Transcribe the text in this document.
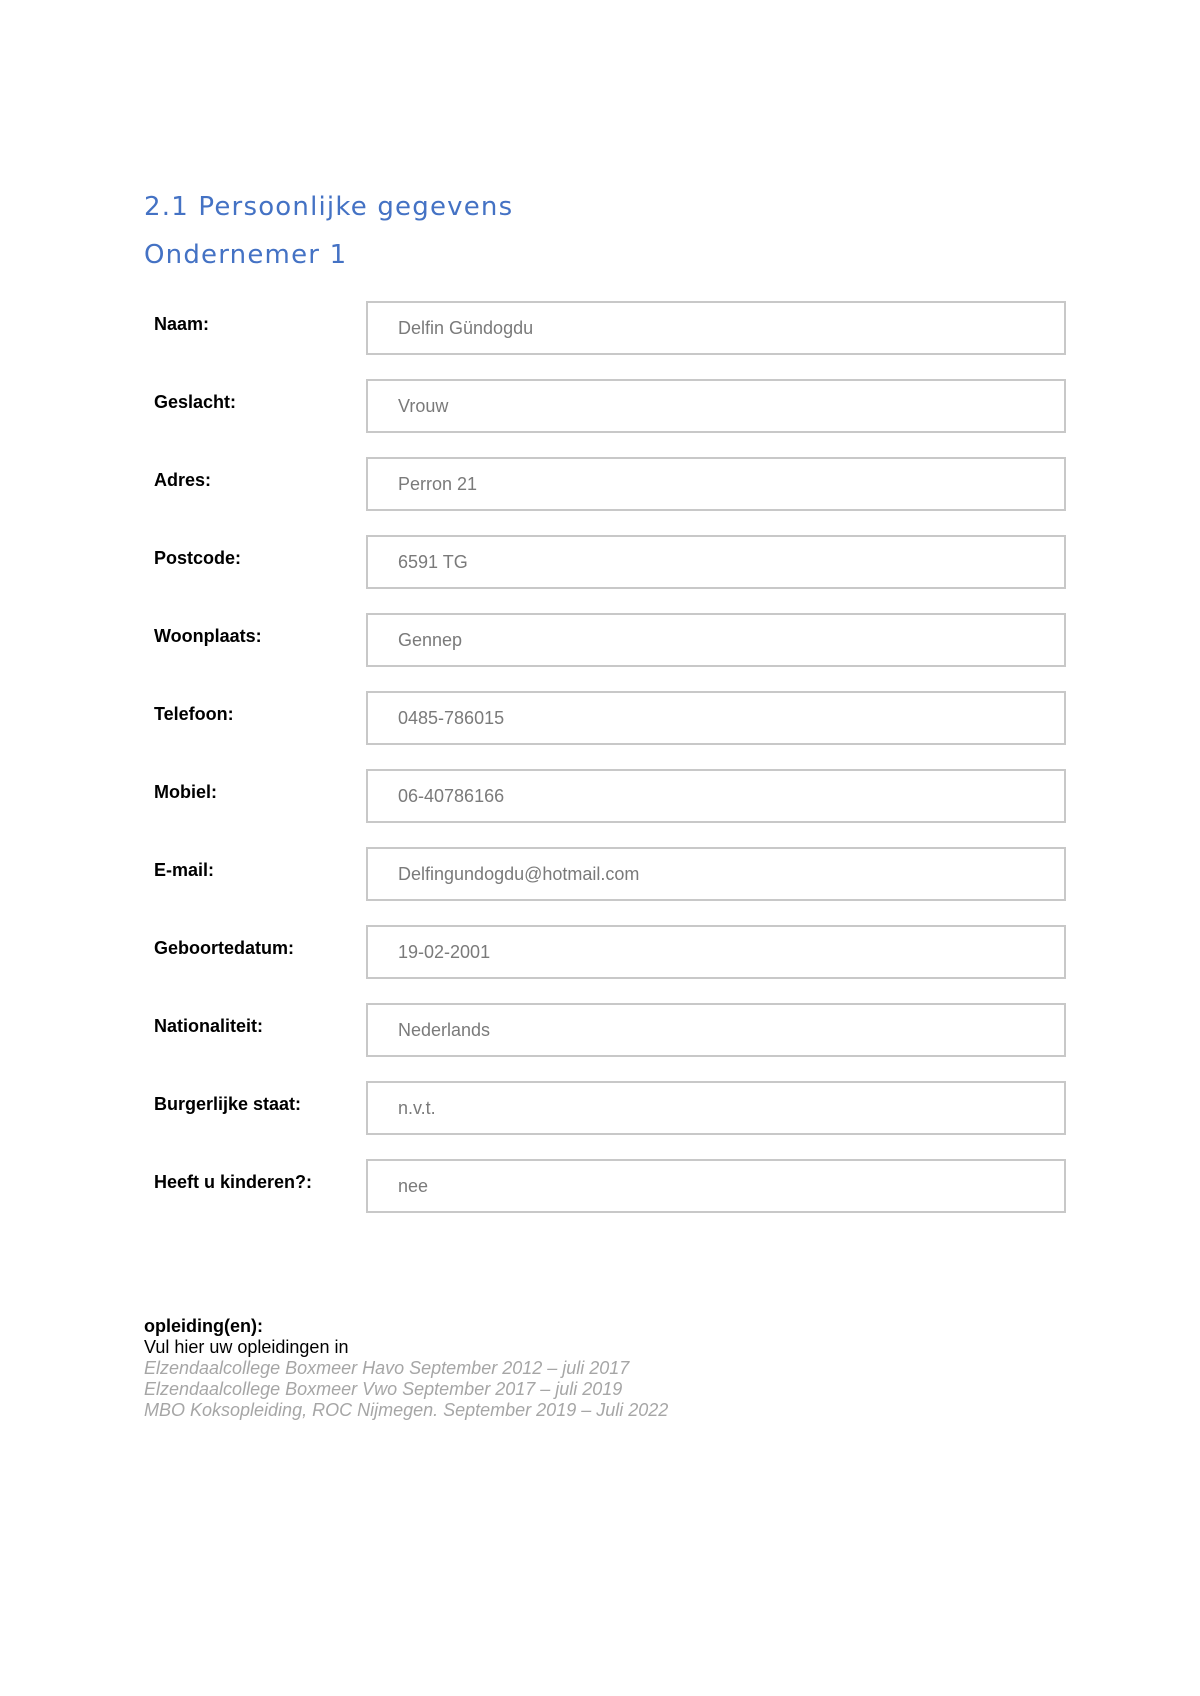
2.1 Persoonlijke gegevens
Ondernemer 1
Naam:	Delfin Gündogdu
Geslacht:	Vrouw
Adres:	Perron 21
Postcode:	6591 TG
Woonplaats:	Gennep
Telefoon:	0485-786015
Mobiel:	06-40786166
E-mail:	Delfingundogdu@hotmail.com
Geboortedatum:	19-02-2001
Nationaliteit:	Nederlands
Burgerlijke staat:	n.v.t.
Heeft u kinderen?:	nee
opleiding(en):
Vul hier uw opleidingen in
Elzendaalcollege Boxmeer Havo September 2012 – juli 2017
Elzendaalcollege Boxmeer Vwo September 2017 – juli 2019
MBO Koksopleiding, ROC Nijmegen. September 2019 – Juli 2022
